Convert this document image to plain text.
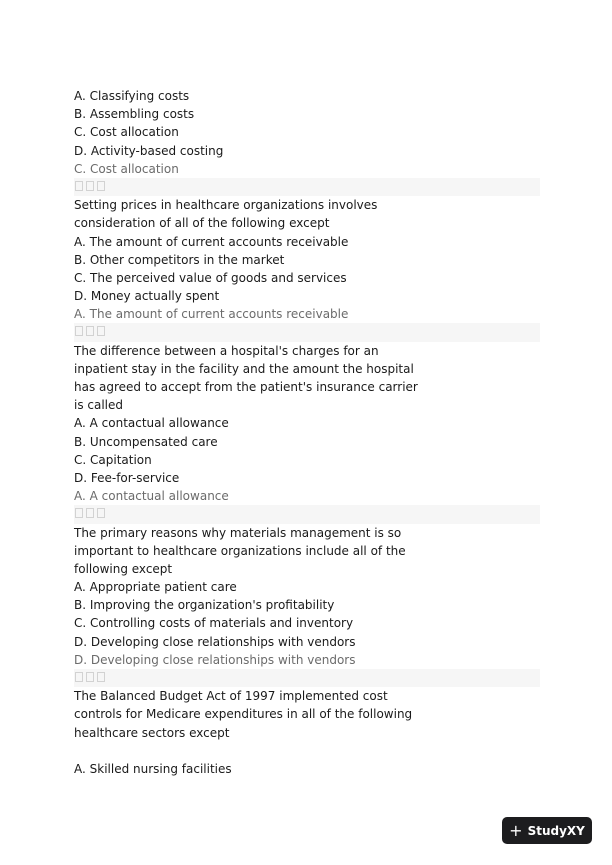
A. Classifying costs
B. Assembling costs
C. Cost allocation
D. Activity-based costing
C. Cost allocation
Setting prices in healthcare organizations involves
consideration of all of the following except
A. The amount of current accounts receivable
B. Other competitors in the market
C. The perceived value of goods and services
D. Money actually spent
A. The amount of current accounts receivable
The difference between a hospital's charges for an
inpatient stay in the facility and the amount the hospital
has agreed to accept from the patient's insurance carrier
is called
A. A contactual allowance
B. Uncompensated care
C. Capitation
D. Fee-for-service
A. A contactual allowance
The primary reasons why materials management is so
important to healthcare organizations include all of the
following except
A. Appropriate patient care
B. Improving the organization's profitability
C. Controlling costs of materials and inventory
D. Developing close relationships with vendors
D. Developing close relationships with vendors
The Balanced Budget Act of 1997 implemented cost
controls for Medicare expenditures in all of the following
healthcare sectors except
A. Skilled nursing facilities
+ StudyXY
